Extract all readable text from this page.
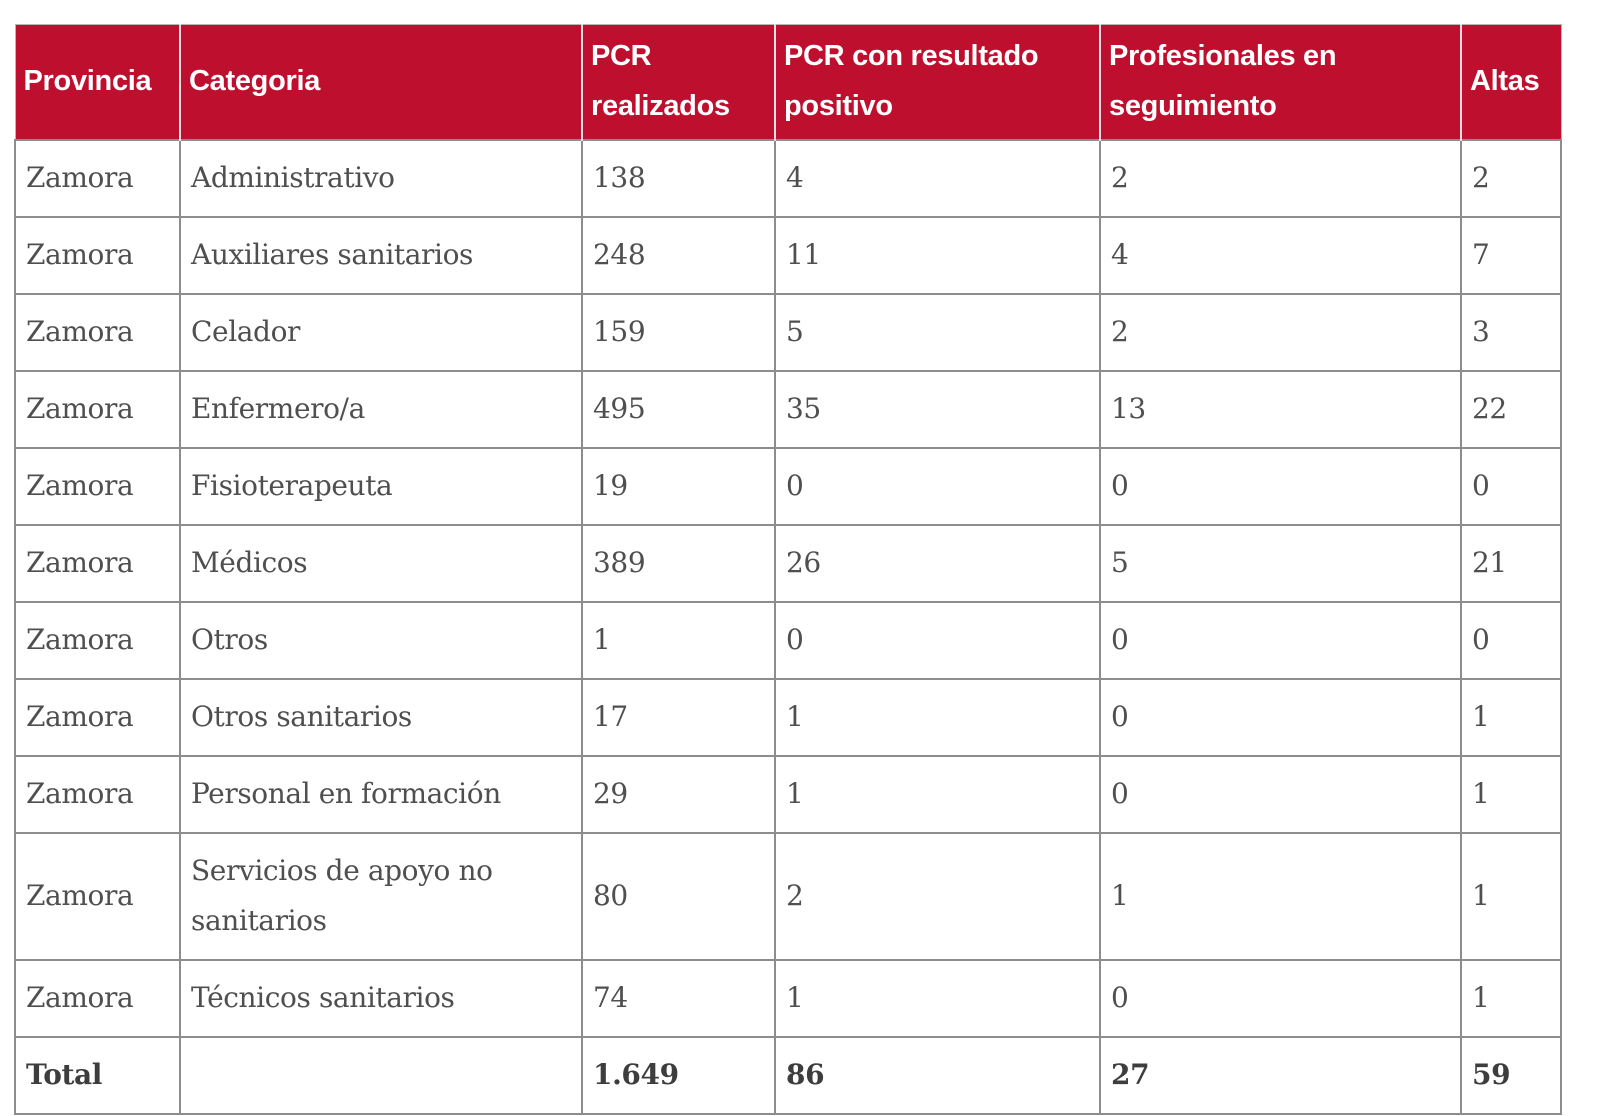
Provincia	Categoria	PCR realizados	PCR con resultado positivo	Profesionales en seguimiento	Altas
Zamora	Administrativo	138	4	2	2
Zamora	Auxiliares sanitarios	248	11	4	7
Zamora	Celador	159	5	2	3
Zamora	Enfermero/a	495	35	13	22
Zamora	Fisioterapeuta	19	0	0	0
Zamora	Médicos	389	26	5	21
Zamora	Otros	1	0	0	0
Zamora	Otros sanitarios	17	1	0	1
Zamora	Personal en formación	29	1	0	1
Zamora	Servicios de apoyo no sanitarios	80	2	1	1
Zamora	Técnicos sanitarios	74	1	0	1
Total		1.649	86	27	59
